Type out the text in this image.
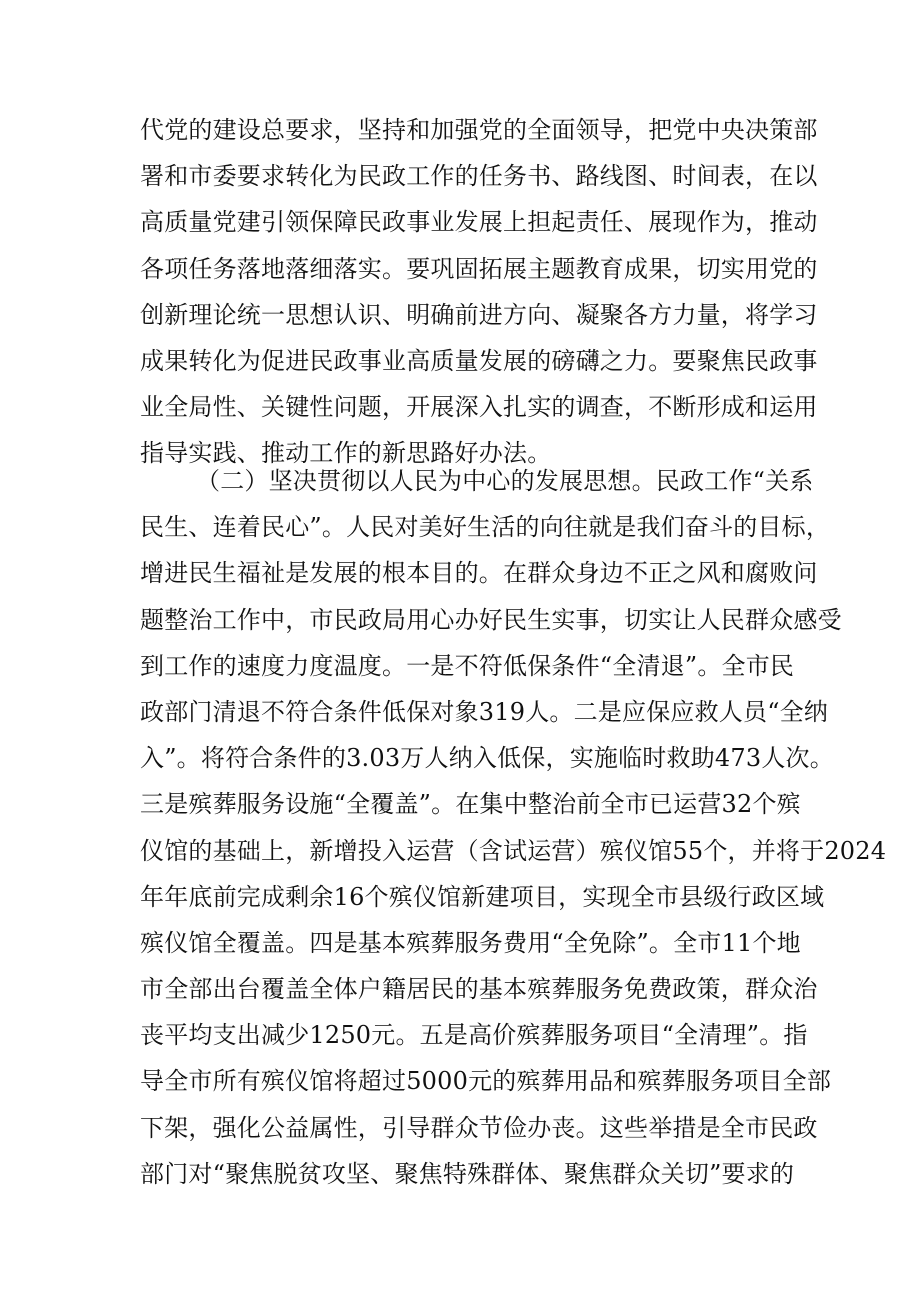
代党的建设总要求，坚持和加强党的全面领导，把党中央决策部
署和市委要求转化为民政工作的任务书、路线图、时间表，在以
高质量党建引领保障民政事业发展上担起责任、展现作为，推动
各项任务落地落细落实。要巩固拓展主题教育成果，切实用党的
创新理论统一思想认识、明确前进方向、凝聚各方力量，将学习
成果转化为促进民政事业高质量发展的磅礴之力。要聚焦民政事
业全局性、关键性问题，开展深入扎实的调查，不断形成和运用
指导实践、推动工作的新思路好办法。
（二）坚决贯彻以人民为中心的发展思想。民政工作“关系
民生、连着民心”。人民对美好生活的向往就是我们奋斗的目标，
增进民生福祉是发展的根本目的。在群众身边不正之风和腐败问
题整治工作中，市民政局用心办好民生实事，切实让人民群众感受
到工作的速度力度温度。一是不符低保条件“全清退”。全市民
政部门清退不符合条件低保对象319人。二是应保应救人员“全纳
入”。将符合条件的3.03万人纳入低保，实施临时救助473人次。
三是殡葬服务设施“全覆盖”。在集中整治前全市已运营32个殡
仪馆的基础上，新增投入运营（含试运营）殡仪馆55个，并将于2024
年年底前完成剩余16个殡仪馆新建项目，实现全市县级行政区域
殡仪馆全覆盖。四是基本殡葬服务费用“全免除”。全市11个地
市全部出台覆盖全体户籍居民的基本殡葬服务免费政策，群众治
丧平均支出减少1250元。五是高价殡葬服务项目“全清理”。指
导全市所有殡仪馆将超过5000元的殡葬用品和殡葬服务项目全部
下架，强化公益属性，引导群众节俭办丧。这些举措是全市民政
部门对“聚焦脱贫攻坚、聚焦特殊群体、聚焦群众关切”要求的
